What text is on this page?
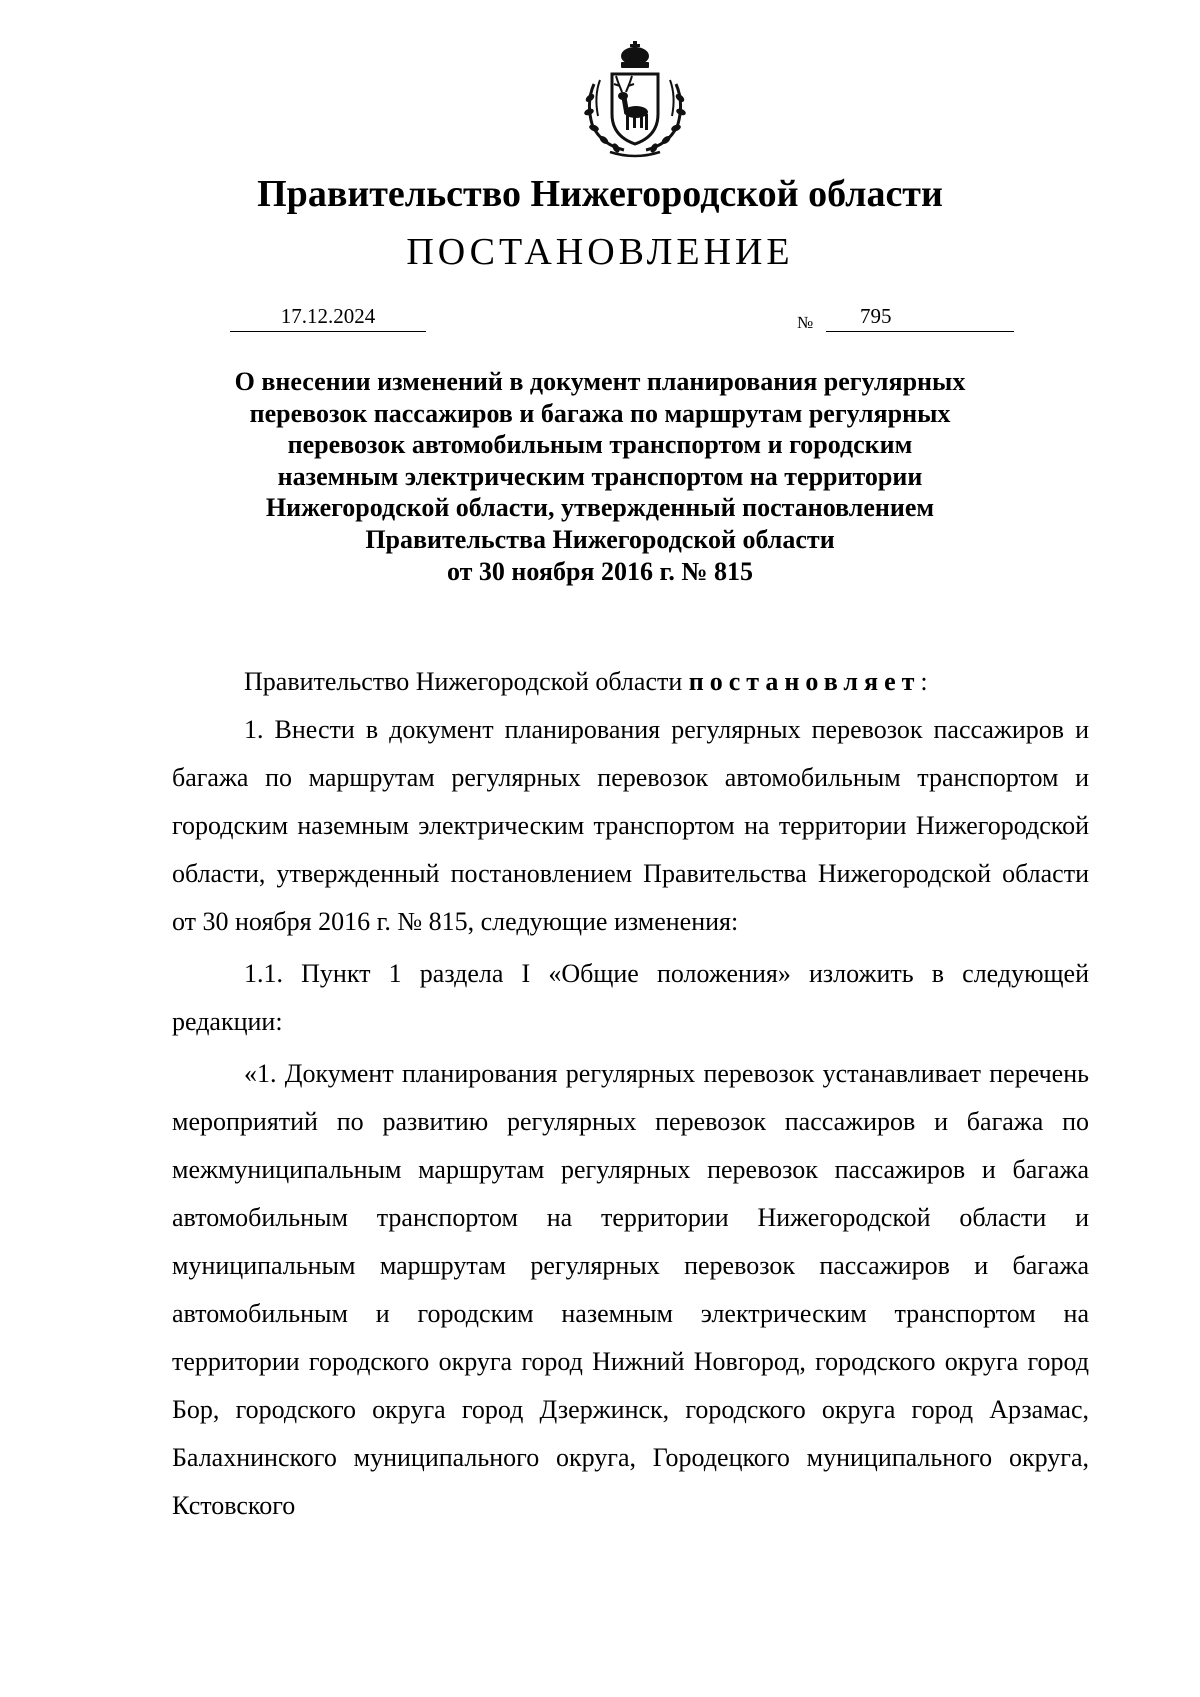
Правительство Нижегородской области
ПОСТАНОВЛЕНИЕ
17.12.2024	№	795
О внесении изменений в документ планирования регулярных
перевозок пассажиров и багажа по маршрутам регулярных
перевозок автомобильным транспортом и городским
наземным электрическим транспортом на территории
Нижегородской области, утвержденный постановлением
Правительства Нижегородской области
от 30 ноября 2016 г. № 815

Правительство Нижегородской области постановляет:

1. Внести в документ планирования регулярных перевозок пассажиров и багажа по маршрутам регулярных перевозок автомобильным транспортом и городским наземным электрическим транспортом на территории Нижегородской области, утвержденный постановлением Правительства Нижегородской области от 30 ноября 2016 г. № 815, следующие изменения:

1.1. Пункт 1 раздела I «Общие положения» изложить в следующей редакции:

«1. Документ планирования регулярных перевозок устанавливает перечень мероприятий по развитию регулярных перевозок пассажиров и багажа по межмуниципальным маршрутам регулярных перевозок пассажиров и багажа автомобильным транспортом на территории Нижегородской области и муниципальным маршрутам регулярных перевозок пассажиров и багажа автомобильным и городским наземным электрическим транспортом на территории городского округа город Нижний Новгород, городского округа город Бор, городского округа город Дзержинск, городского округа город Арзамас, Балахнинского муниципального округа, Городецкого муниципального округа, Кстовского
